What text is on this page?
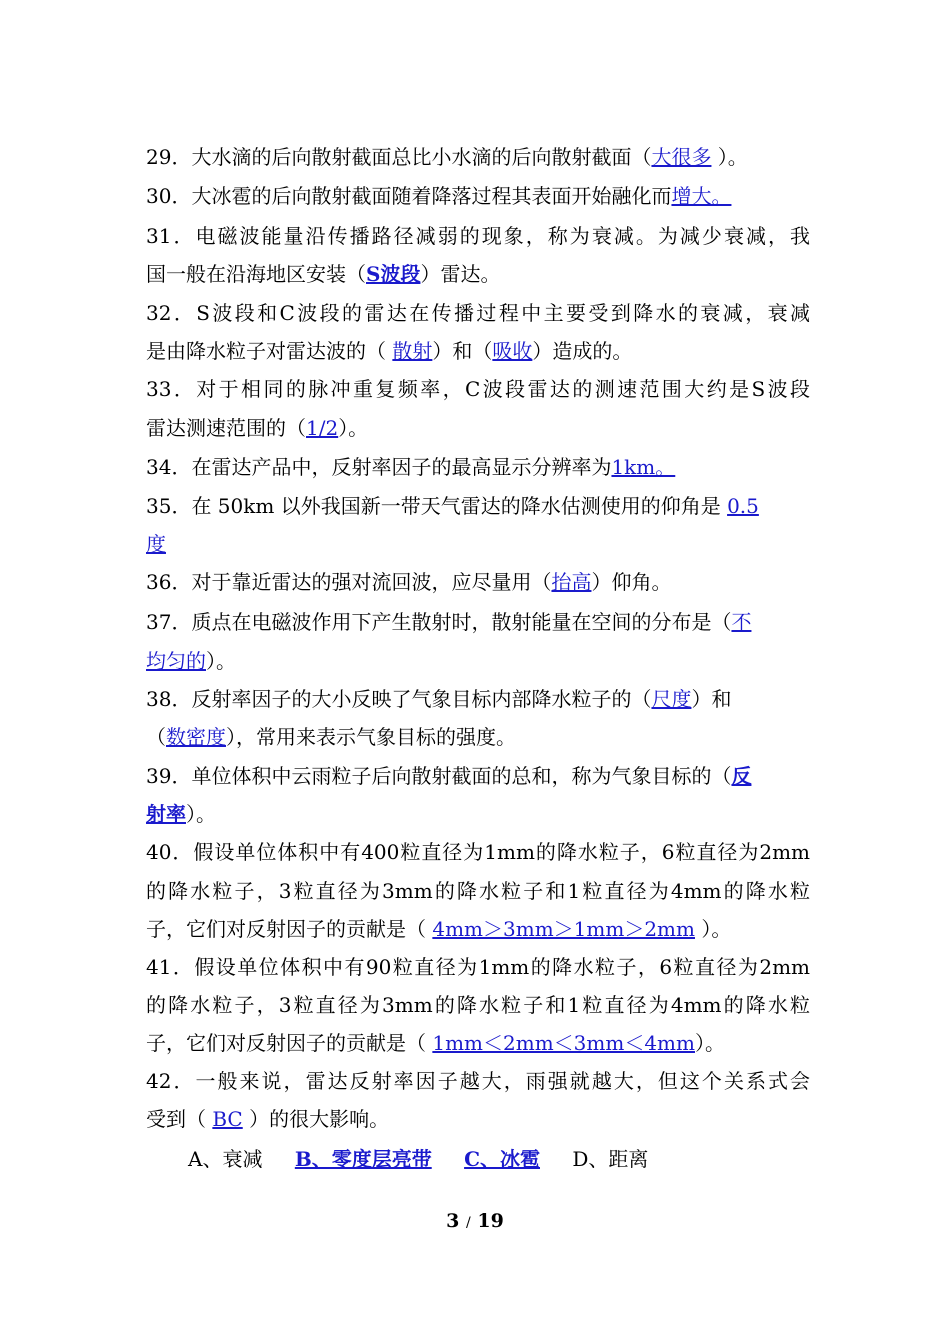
29．大水滴的后向散射截面总比小水滴的后向散射截面（大很多 ）。
30．大冰雹的后向散射截面随着降落过程其表面开始融化而增大。
31．电磁波能量沿传播路径减弱的现象，称为衰减。为减少衰减，我
国一般在沿海地区安装（S波段）雷达。
32．S波段和C波段的雷达在传播过程中主要受到降水的衰减，衰减
是由降水粒子对雷达波的（ 散射）和（吸收）造成的。
33．对于相同的脉冲重复频率，C波段雷达的测速范围大约是S波段
雷达测速范围的（1/2）。
34．在雷达产品中，反射率因子的最高显示分辨率为1km。
35．在 50km 以外我国新一带天气雷达的降水估测使用的仰角是 0.5
度
36．对于靠近雷达的强对流回波，应尽量用（抬高）仰角。
37．质点在电磁波作用下产生散射时，散射能量在空间的分布是（不
均匀的）。
38．反射率因子的大小反映了气象目标内部降水粒子的（尺度）和
（数密度），常用来表示气象目标的强度。
39．单位体积中云雨粒子后向散射截面的总和，称为气象目标的（反
射率）。
40．假设单位体积中有400粒直径为1mm的降水粒子，6粒直径为2mm
的降水粒子，3粒直径为3mm的降水粒子和1粒直径为4mm的降水粒
子，它们对反射因子的贡献是（ 4mm＞3mm＞1mm＞2mm ）。
41．假设单位体积中有90粒直径为1mm的降水粒子，6粒直径为2mm
的降水粒子，3粒直径为3mm的降水粒子和1粒直径为4mm的降水粒
子，它们对反射因子的贡献是（ 1mm＜2mm＜3mm＜4mm）。
42．一般来说，雷达反射率因子越大，雨强就越大，但这个关系式会
受到（ BC ）的很大影响。
A、衰减 B、零度层亮带 C、冰雹 D、距离
3 / 19
